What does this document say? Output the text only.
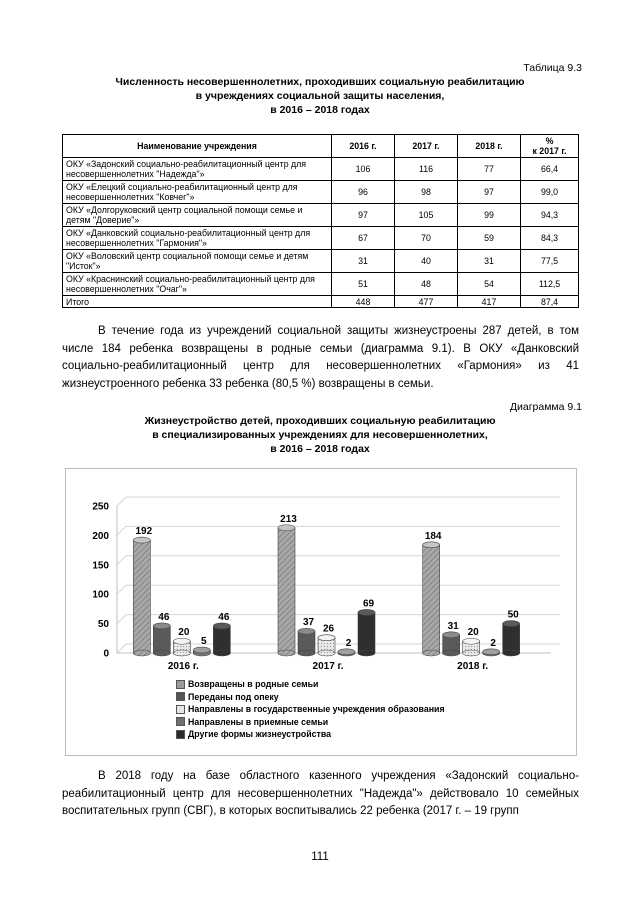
Таблица 9.3
Численность несовершеннолетних, проходивших социальную реабилитацию
в учреждениях социальной защиты населения,
в 2016 – 2018 годах
Наименование учреждения	2016 г.	2017 г.	2018 г.	%
к 2017 г.

ОКУ «Задонский социально-реабилитационный центр для несовершеннолетних "Надежда"»	106	116	77	66,4
ОКУ «Елецкий социально-реабилитационный центр для несовершеннолетних "Ковчег"»	96	98	97	99,0
ОКУ «Долгоруковский центр социальной помощи семье и детям "Доверие"»	97	105	99	94,3
ОКУ «Данковский социально-реабилитационный центр для несовершеннолетних "Гармония"»	67	70	59	84,3
ОКУ «Воловский центр социальной помощи семье и детям "Исток"»	31	40	31	77,5
ОКУ «Краснинский социально-реабилитационный центр для несовершеннолетних "Очаг"»	51	48	54	112,5
Итого	448	477	417	87,4

В течение года из учреждений социальной защиты жизнеустроены 287 детей, в том числе 184 ребенка возвращены в родные семьи (диаграмма 9.1). В ОКУ «Данковский социально-реабилитационный центр для несовершеннолетних «Гармония» из 41 жизнеустроенного ребенка 33 ребенка (80,5 %) возвращены в семьи.

Диаграмма 9.1
Жизнеустройство детей, проходивших социальную реабилитацию
в специализированных учреждениях для несовершеннолетних,
в 2016 – 2018 годах
0
50
100
150
200
250
192
46
20
5
46
2016 г.
213
37
26
2
69
2017 г.
184
31
20
2
50
2018 г.
Возвращены в родные семьи
Переданы под опеку
Направлены в государственные учреждения образования
Направлены в приемные семьи
Другие формы жизнеустройства

В 2018 году на базе областного казенного учреждения «Задонский социально-реабилитационный центр для несовершеннолетних "Надежда"» действовало 10 семейных воспитательных групп (СВГ), в которых воспитывались 22 ребенка (2017 г. – 19 групп

111
